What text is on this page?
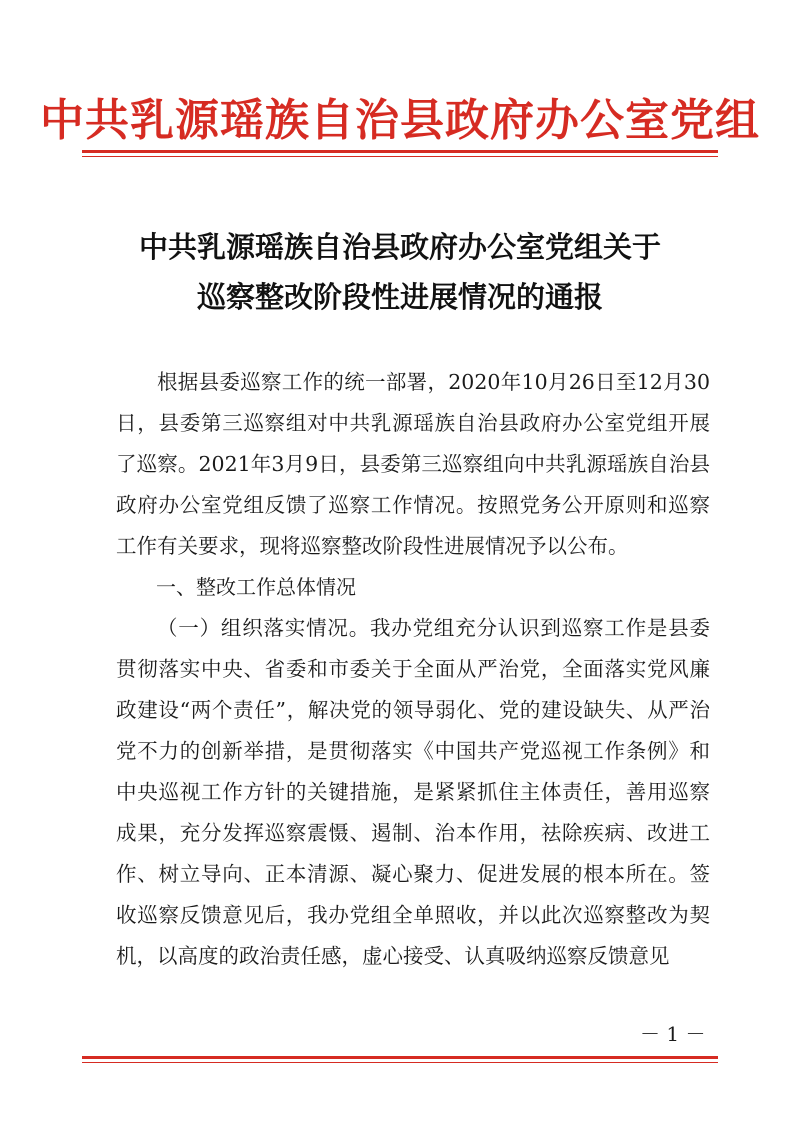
中共乳源瑶族自治县政府办公室党组
中共乳源瑶族自治县政府办公室党组关于
巡察整改阶段性进展情况的通报

根据县委巡察工作的统一部署，2020年10月26日至12月30日，县委第三巡察组对中共乳源瑶族自治县政府办公室党组开展了巡察。2021年3月9日，县委第三巡察组向中共乳源瑶族自治县政府办公室党组反馈了巡察工作情况。按照党务公开原则和巡察工作有关要求，现将巡察整改阶段性进展情况予以公布。

一、整改工作总体情况

（一）组织落实情况。我办党组充分认识到巡察工作是县委贯彻落实中央、省委和市委关于全面从严治党，全面落实党风廉政建设“两个责任”，解决党的领导弱化、党的建设缺失、从严治党不力的创新举措，是贯彻落实《中国共产党巡视工作条例》和中央巡视工作方针的关键措施，是紧紧抓住主体责任，善用巡察成果，充分发挥巡察震慑、遏制、治本作用，祛除疾病、改进工作、树立导向、正本清源、凝心聚力、促进发展的根本所在。签收巡察反馈意见后，我办党组全单照收，并以此次巡察整改为契机，以高度的政治责任感，虚心接受、认真吸纳巡察反馈意见

－ 1 －
